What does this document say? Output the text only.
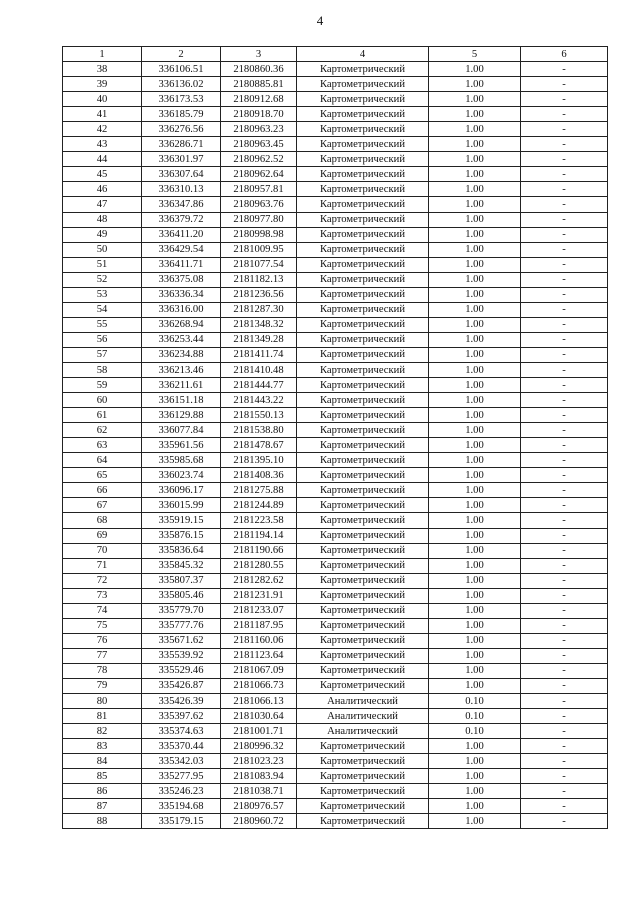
4
1	2	3	4	5	6
38	336106.51	2180860.36	Картометрический	1.00	-
39	336136.02	2180885.81	Картометрический	1.00	-
40	336173.53	2180912.68	Картометрический	1.00	-
41	336185.79	2180918.70	Картометрический	1.00	-
42	336276.56	2180963.23	Картометрический	1.00	-
43	336286.71	2180963.45	Картометрический	1.00	-
44	336301.97	2180962.52	Картометрический	1.00	-
45	336307.64	2180962.64	Картометрический	1.00	-
46	336310.13	2180957.81	Картометрический	1.00	-
47	336347.86	2180963.76	Картометрический	1.00	-
48	336379.72	2180977.80	Картометрический	1.00	-
49	336411.20	2180998.98	Картометрический	1.00	-
50	336429.54	2181009.95	Картометрический	1.00	-
51	336411.71	2181077.54	Картометрический	1.00	-
52	336375.08	2181182.13	Картометрический	1.00	-
53	336336.34	2181236.56	Картометрический	1.00	-
54	336316.00	2181287.30	Картометрический	1.00	-
55	336268.94	2181348.32	Картометрический	1.00	-
56	336253.44	2181349.28	Картометрический	1.00	-
57	336234.88	2181411.74	Картометрический	1.00	-
58	336213.46	2181410.48	Картометрический	1.00	-
59	336211.61	2181444.77	Картометрический	1.00	-
60	336151.18	2181443.22	Картометрический	1.00	-
61	336129.88	2181550.13	Картометрический	1.00	-
62	336077.84	2181538.80	Картометрический	1.00	-
63	335961.56	2181478.67	Картометрический	1.00	-
64	335985.68	2181395.10	Картометрический	1.00	-
65	336023.74	2181408.36	Картометрический	1.00	-
66	336096.17	2181275.88	Картометрический	1.00	-
67	336015.99	2181244.89	Картометрический	1.00	-
68	335919.15	2181223.58	Картометрический	1.00	-
69	335876.15	2181194.14	Картометрический	1.00	-
70	335836.64	2181190.66	Картометрический	1.00	-
71	335845.32	2181280.55	Картометрический	1.00	-
72	335807.37	2181282.62	Картометрический	1.00	-
73	335805.46	2181231.91	Картометрический	1.00	-
74	335779.70	2181233.07	Картометрический	1.00	-
75	335777.76	2181187.95	Картометрический	1.00	-
76	335671.62	2181160.06	Картометрический	1.00	-
77	335539.92	2181123.64	Картометрический	1.00	-
78	335529.46	2181067.09	Картометрический	1.00	-
79	335426.87	2181066.73	Картометрический	1.00	-
80	335426.39	2181066.13	Аналитический	0.10	-
81	335397.62	2181030.64	Аналитический	0.10	-
82	335374.63	2181001.71	Аналитический	0.10	-
83	335370.44	2180996.32	Картометрический	1.00	-
84	335342.03	2181023.23	Картометрический	1.00	-
85	335277.95	2181083.94	Картометрический	1.00	-
86	335246.23	2181038.71	Картометрический	1.00	-
87	335194.68	2180976.57	Картометрический	1.00	-
88	335179.15	2180960.72	Картометрический	1.00	-
